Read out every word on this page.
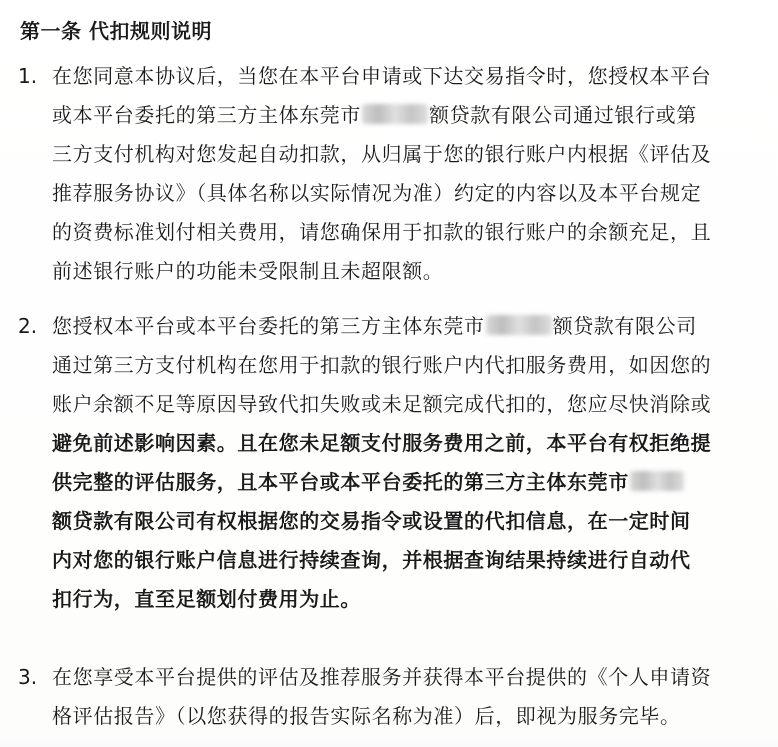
第一条 代扣规则说明
1. 在您同意本协议后，当您在本平台申请或下达交易指令时，您授权本平台
或本平台委托的第三方主体东莞市	额贷款有限公司通过银行或第
三方支付机构对您发起自动扣款，从归属于您的银行账户内根据《评估及
推荐服务协议》（具体名称以实际情况为准）约定的内容以及本平台规定
的资费标准划付相关费用，请您确保用于扣款的银行账户的余额充足，且
前述银行账户的功能未受限制且未超限额。
2. 您授权本平台或本平台委托的第三方主体东莞市	额贷款有限公司
通过第三方支付机构在您用于扣款的银行账户内代扣服务费用，如因您的
账户余额不足等原因导致代扣失败或未足额完成代扣的，您应尽快消除或
避免前述影响因素。且在您未足额支付服务费用之前，本平台有权拒绝提
供完整的评估服务，且本平台或本平台委托的第三方主体东莞市
额贷款有限公司有权根据您的交易指令或设置的代扣信息，在一定时间
内对您的银行账户信息进行持续查询，并根据查询结果持续进行自动代
扣行为，直至足额划付费用为止。
3. 在您享受本平台提供的评估及推荐服务并获得本平台提供的《个人申请资
格评估报告》（以您获得的报告实际名称为准）后，即视为服务完毕。
